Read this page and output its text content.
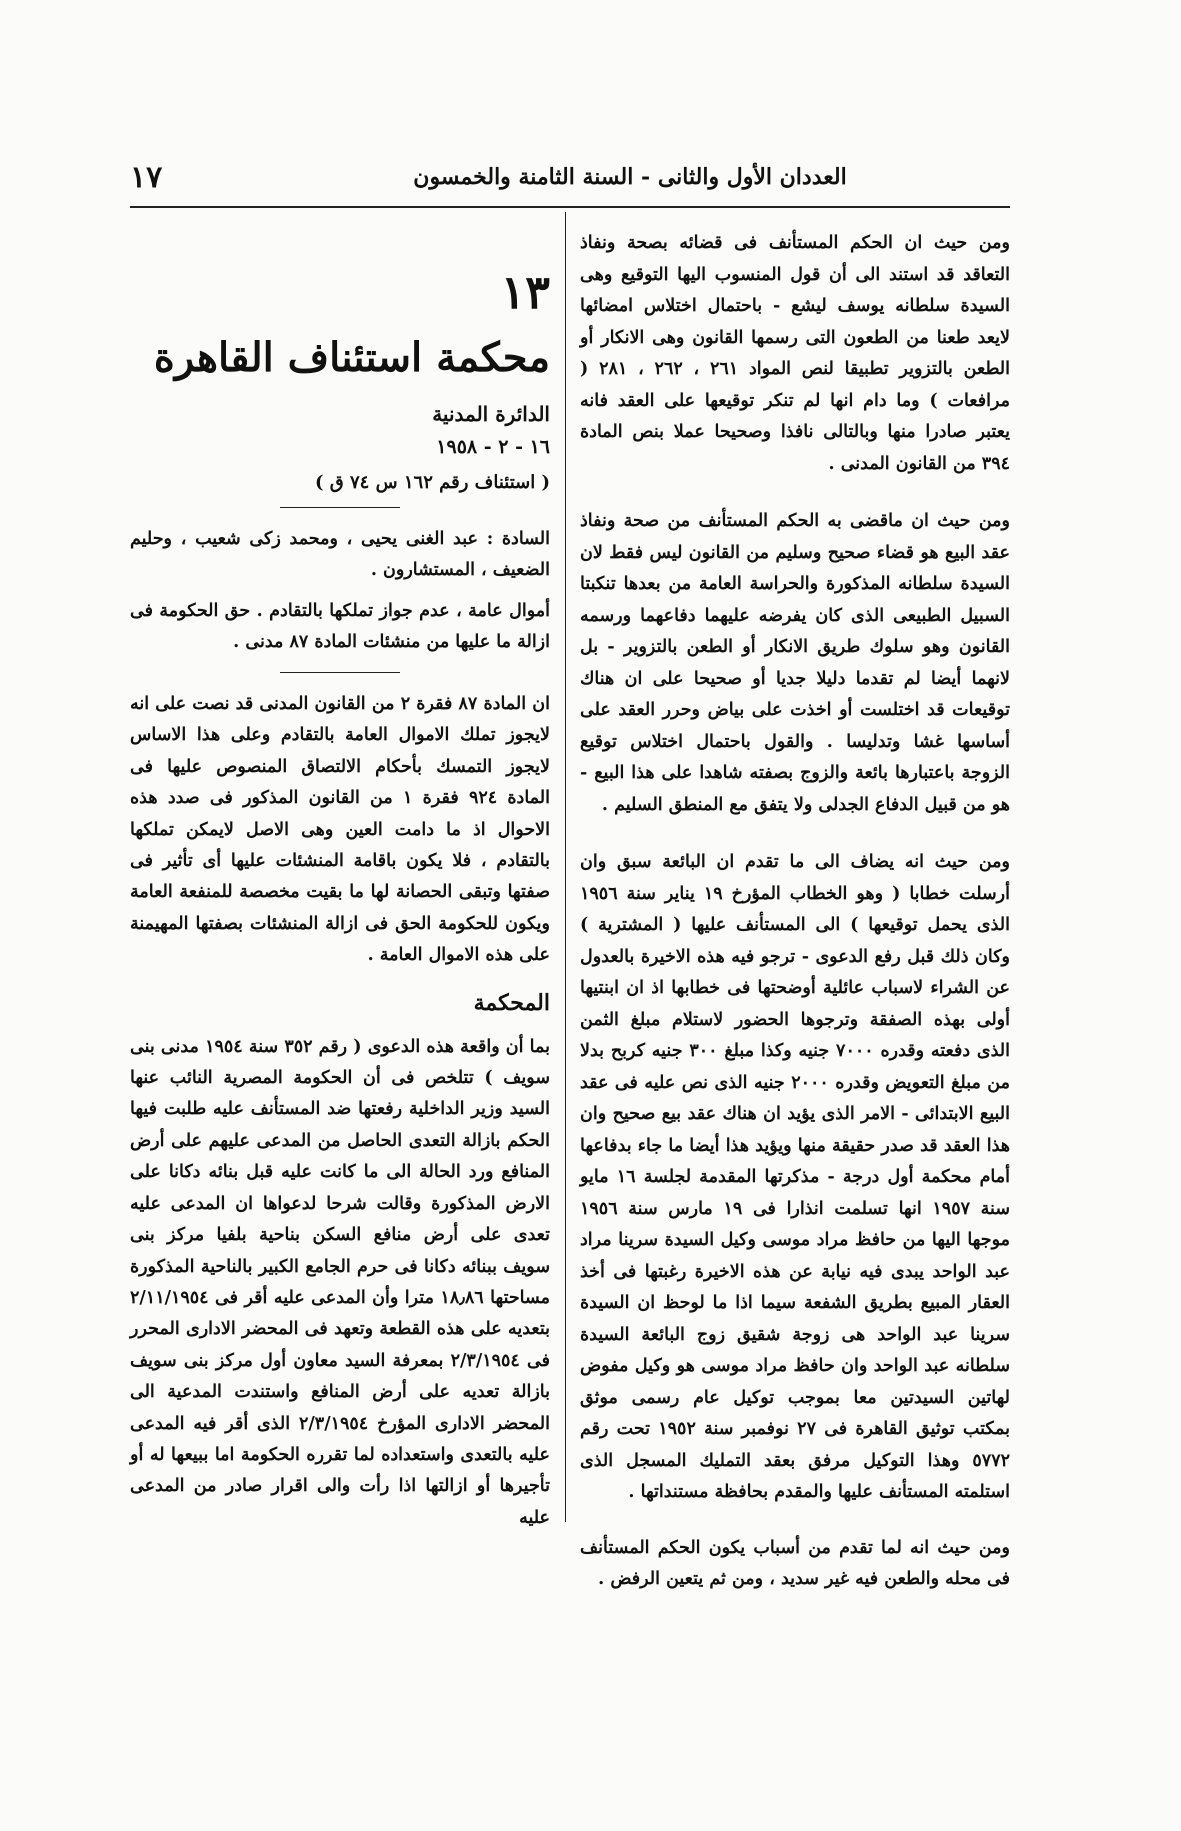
١٧	العددان الأول والثانى - السنة الثامنة والخمسون

ومن حيث ان الحكم المستأنف فى قضائه بصحة ونفاذ التعاقد قد استند الى أن قول المنسوب اليها التوقيع وهى السيدة سلطانه يوسف ليشع - باحتمال اختلاس امضائها لايعد طعنا من الطعون التى رسمها القانون وهى الانكار أو الطعن بالتزوير تطبيقا لنص المواد ٢٦١ ، ٢٦٢ ، ٢٨١ ( مرافعات ) وما دام انها لم تنكر توقيعها على العقد فانه يعتبر صادرا منها وبالتالى نافذا وصحيحا عملا بنص المادة ٣٩٤ من القانون المدنى .

ومن حيث ان ماقضى به الحكم المستأنف من صحة ونفاذ عقد البيع هو قضاء صحيح وسليم من القانون ليس فقط لان السيدة سلطانه المذكورة والحراسة العامة من بعدها تنكبتا السبيل الطبيعى الذى كان يفرضه عليهما دفاعهما ورسمه القانون وهو سلوك طريق الانكار أو الطعن بالتزوير - بل لانهما أيضا لم تقدما دليلا جديا أو صحيحا على ان هناك توقيعات قد اختلست أو اخذت على بياض وحرر العقد على أساسها غشا وتدليسا . والقول باحتمال اختلاس توقيع الزوجة باعتبارها بائعة والزوج بصفته شاهدا على هذا البيع - هو من قبيل الدفاع الجدلى ولا يتفق مع المنطق السليم .

ومن حيث انه يضاف الى ما تقدم ان البائعة سبق وان أرسلت خطابا ( وهو الخطاب المؤرخ ١٩ يناير سنة ١٩٥٦ الذى يحمل توقيعها ) الى المستأنف عليها ( المشترية ) وكان ذلك قبل رفع الدعوى - ترجو فيه هذه الاخيرة بالعدول عن الشراء لاسباب عائلية أوضحتها فى خطابها اذ ان ابنتيها أولى بهذه الصفقة وترجوها الحضور لاستلام مبلغ الثمن الذى دفعته وقدره ٧٠٠٠ جنيه وكذا مبلغ ٣٠٠ جنيه كربح بدلا من مبلغ التعويض وقدره ٢٠٠٠ جنيه الذى نص عليه فى عقد البيع الابتدائى - الامر الذى يؤيد ان هناك عقد بيع صحيح وان هذا العقد قد صدر حقيقة منها ويؤيد هذا أيضا ما جاء بدفاعها أمام محكمة أول درجة - مذكرتها المقدمة لجلسة ١٦ مايو سنة ١٩٥٧ انها تسلمت انذارا فى ١٩ مارس سنة ١٩٥٦ موجها اليها من حافظ مراد موسى وكيل السيدة سرينا مراد عبد الواحد يبدى فيه نيابة عن هذه الاخيرة رغبتها فى أخذ العقار المبيع بطريق الشفعة سيما اذا ما لوحظ ان السيدة سرينا عبد الواحد هى زوجة شقيق زوج البائعة السيدة سلطانه عبد الواحد وان حافظ مراد موسى هو وكيل مفوض لهاتين السيدتين معا بموجب توكيل عام رسمى موثق بمكتب توثيق القاهرة فى ٢٧ نوفمبر سنة ١٩٥٢ تحت رقم ٥٧٧٢ وهذا التوكيل مرفق بعقد التمليك المسجل الذى استلمته المستأنف عليها والمقدم بحافظة مستنداتها .

ومن حيث انه لما تقدم من أسباب يكون الحكم المستأنف فى محله والطعن فيه غير سديد ، ومن ثم يتعين الرفض .

١٣
محكمة استئناف القاهرة
الدائرة المدنية
١٦ - ٢ - ١٩٥٨
( استئناف رقم ١٦٢ س ٧٤ ق )

السادة : عبد الغنى يحيى ، ومحمد زكى شعيب ، وحليم الضعيف ، المستشارون .

أموال عامة ، عدم جواز تملكها بالتقادم . حق الحكومة فى ازالة ما عليها من منشئات المادة ٨٧ مدنى .

ان المادة ٨٧ فقرة ٢ من القانون المدنى قد نصت على انه لايجوز تملك الاموال العامة بالتقادم وعلى هذا الاساس لايجوز التمسك بأحكام الالتصاق المنصوص عليها فى المادة ٩٢٤ فقرة ١ من القانون المذكور فى صدد هذه الاحوال اذ ما دامت العين وهى الاصل لايمكن تملكها بالتقادم ، فلا يكون باقامة المنشئات عليها أى تأثير فى صفتها وتبقى الحصانة لها ما بقيت مخصصة للمنفعة العامة ويكون للحكومة الحق فى ازالة المنشئات بصفتها المهيمنة على هذه الاموال العامة .

المحكمة

بما أن واقعة هذه الدعوى ( رقم ٣٥٢ سنة ١٩٥٤ مدنى بنى سويف ) تتلخص فى أن الحكومة المصرية النائب عنها السيد وزير الداخلية رفعتها ضد المستأنف عليه طلبت فيها الحكم بازالة التعدى الحاصل من المدعى عليهم على أرض المنافع ورد الحالة الى ما كانت عليه قبل بنائه دكانا على الارض المذكورة وقالت شرحا لدعواها ان المدعى عليه تعدى على أرض منافع السكن بناحية بلفيا مركز بنى سويف ببنائه دكانا فى حرم الجامع الكبير بالناحية المذكورة مساحتها ١٨٫٨٦ مترا وأن المدعى عليه أقر فى ٢/١١/١٩٥٤ بتعديه على هذه القطعة وتعهد فى المحضر الادارى المحرر فى ٢/٣/١٩٥٤ بمعرفة السيد معاون أول مركز بنى سويف بازالة تعديه على أرض المنافع واستندت المدعية الى المحضر الادارى المؤرخ ٢/٣/١٩٥٤ الذى أقر فيه المدعى عليه بالتعدى واستعداده لما تقرره الحكومة اما ببيعها له أو تأجيرها أو ازالتها اذا رأت والى اقرار صادر من المدعى عليه
